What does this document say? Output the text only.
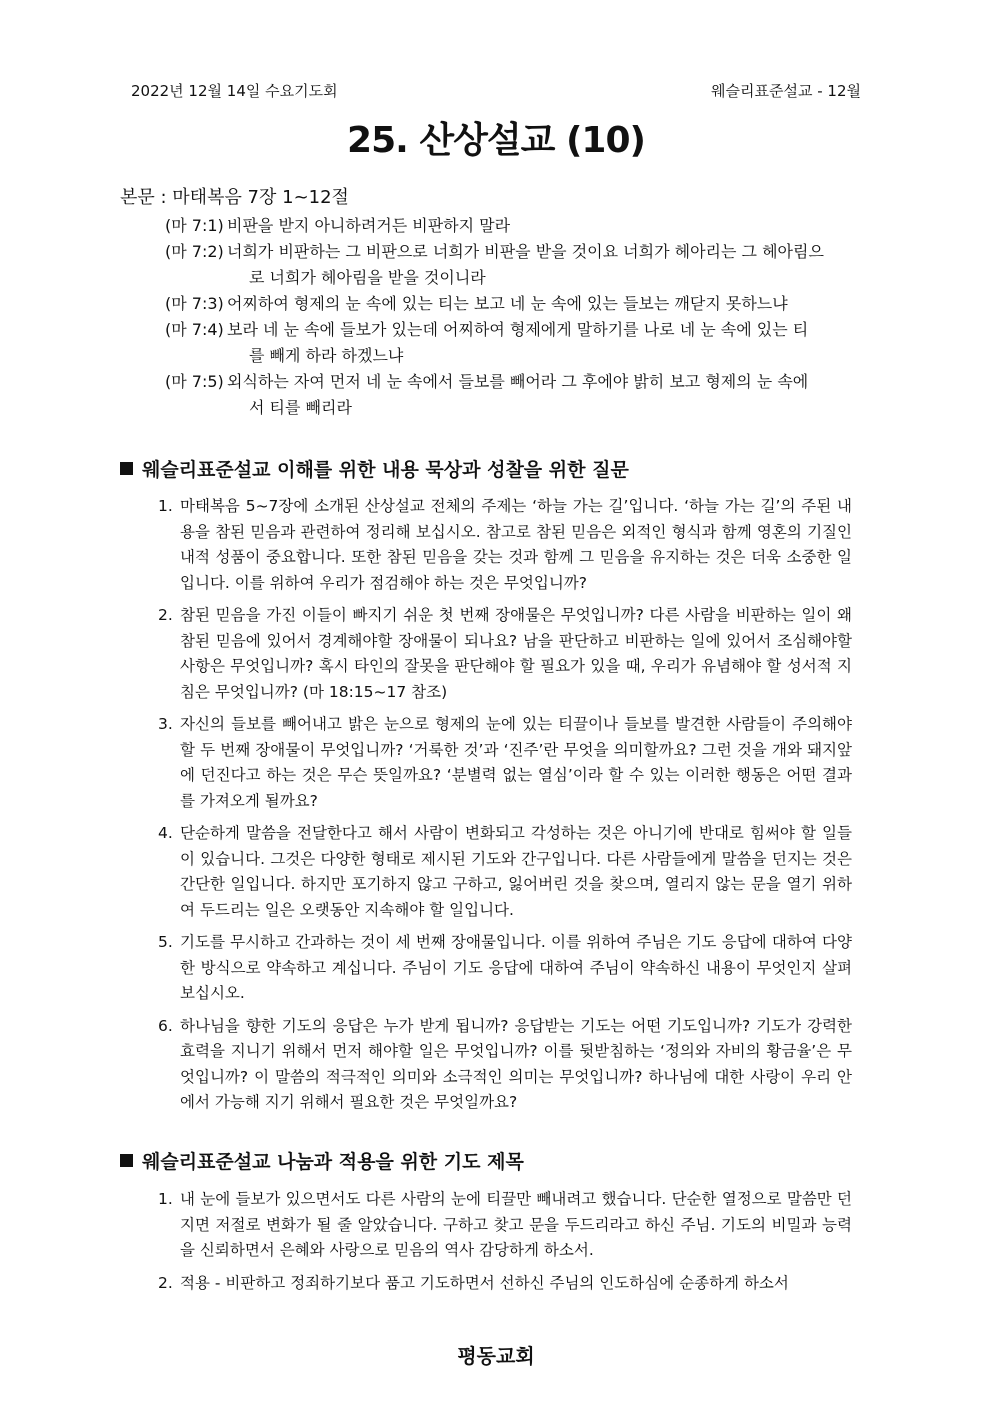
2022년 12월 14일 수요기도회	웨슬리표준설교 - 12월
25. 산상설교 (10)
본문 : 마태복음 7장 1~12절
(마 7:1) 비판을 받지 아니하려거든 비판하지 말라
(마 7:2) 너희가 비판하는 그 비판으로 너희가 비판을 받을 것이요 너희가 헤아리는 그 헤아림으
로 너희가 헤아림을 받을 것이니라
(마 7:3) 어찌하여 형제의 눈 속에 있는 티는 보고 네 눈 속에 있는 들보는 깨닫지 못하느냐
(마 7:4) 보라 네 눈 속에 들보가 있는데 어찌하여 형제에게 말하기를 나로 네 눈 속에 있는 티
를 빼게 하라 하겠느냐
(마 7:5) 외식하는 자여 먼저 네 눈 속에서 들보를 빼어라 그 후에야 밝히 보고 형제의 눈 속에
서 티를 빼리라
웨슬리표준설교 이해를 위한 내용 묵상과 성찰을 위한 질문
1. 마태복음 5~7장에 소개된 산상설교 전체의 주제는 ‘하늘 가는 길’입니다. ‘하늘 가는 길’의 주된 내용을 참된 믿음과 관련하여 정리해 보십시오. 참고로 참된 믿음은 외적인 형식과 함께 영혼의 기질인 내적 성품이 중요합니다. 또한 참된 믿음을 갖는 것과 함께 그 믿음을 유지하는 것은 더욱 소중한 일입니다. 이를 위하여 우리가 점검해야 하는 것은 무엇입니까?
2. 참된 믿음을 가진 이들이 빠지기 쉬운 첫 번째 장애물은 무엇입니까? 다른 사람을 비판하는 일이 왜 참된 믿음에 있어서 경계해야할 장애물이 되나요? 남을 판단하고 비판하는 일에 있어서 조심해야할 사항은 무엇입니까? 혹시 타인의 잘못을 판단해야 할 필요가 있을 때, 우리가 유념해야 할 성서적 지침은 무엇입니까? (마 18:15~17 참조)
3. 자신의 들보를 빼어내고 밝은 눈으로 형제의 눈에 있는 티끌이나 들보를 발견한 사람들이 주의해야할 두 번째 장애물이 무엇입니까? ‘거룩한 것’과 ‘진주’란 무엇을 의미할까요? 그런 것을 개와 돼지앞에 던진다고 하는 것은 무슨 뜻일까요? ‘분별력 없는 열심’이라 할 수 있는 이러한 행동은 어떤 결과를 가져오게 될까요?
4. 단순하게 말씀을 전달한다고 해서 사람이 변화되고 각성하는 것은 아니기에 반대로 힘써야 할 일들이 있습니다. 그것은 다양한 형태로 제시된 기도와 간구입니다. 다른 사람들에게 말씀을 던지는 것은 간단한 일입니다. 하지만 포기하지 않고 구하고, 잃어버린 것을 찾으며, 열리지 않는 문을 열기 위하여 두드리는 일은 오랫동안 지속해야 할 일입니다.
5. 기도를 무시하고 간과하는 것이 세 번째 장애물입니다. 이를 위하여 주님은 기도 응답에 대하여 다양한 방식으로 약속하고 계십니다. 주님이 기도 응답에 대하여 주님이 약속하신 내용이 무엇인지 살펴보십시오.
6. 하나님을 향한 기도의 응답은 누가 받게 됩니까? 응답받는 기도는 어떤 기도입니까? 기도가 강력한 효력을 지니기 위해서 먼저 해야할 일은 무엇입니까? 이를 뒷받침하는 ‘정의와 자비의 황금율’은 무엇입니까? 이 말씀의 적극적인 의미와 소극적인 의미는 무엇입니까? 하나님에 대한 사랑이 우리 안에서 가능해 지기 위해서 필요한 것은 무엇일까요?
웨슬리표준설교 나눔과 적용을 위한 기도 제목
1. 내 눈에 들보가 있으면서도 다른 사람의 눈에 티끌만 빼내려고 했습니다. 단순한 열정으로 말씀만 던지면 저절로 변화가 될 줄 알았습니다. 구하고 찾고 문을 두드리라고 하신 주님. 기도의 비밀과 능력을 신뢰하면서 은혜와 사랑으로 믿음의 역사 감당하게 하소서.
2. 적용 - 비판하고 정죄하기보다 품고 기도하면서 선하신 주님의 인도하심에 순종하게 하소서
평동교회
